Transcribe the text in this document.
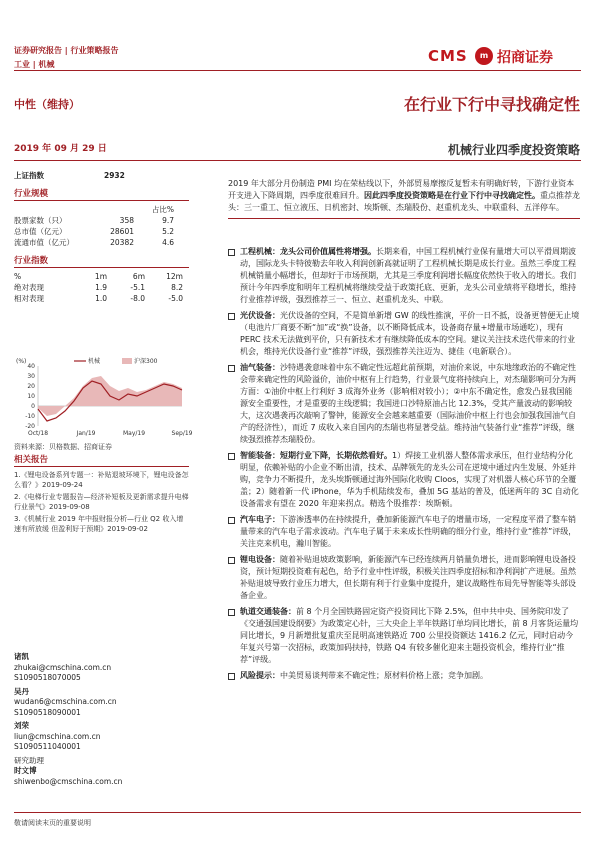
证券研究报告 | 行业策略报告
工业 | 机械	CMS	m 招商证券
中性（维持）	在行业下行中寻找确定性
2019 年 09 月 29 日	机械行业四季度投资策略
上证指数	2932
行业规模
占比%
股票家数（只）	358	9.7
总市值（亿元）	28601	5.2
流通市值（亿元）	20382	4.6
行业指数
%	1m	6m	12m
绝对表现	1.9	-5.1	8.2
相对表现	1.0	-8.0	-5.0
(%)	机械	沪深300
40
30
20
10
0
-10
-20
Oct/18	Jan/19	May/19	Sep/19
资料来源：贝格数据、招商证券
相关报告
1.《锂电设备系列专题一：补贴退坡环境下，锂电设备怎么看？》2019-09-24
2.《电梯行业专题报告—经济补短板及更新需求提升电梯行业景气》2019-09-08
3.《机械行业 2019 年中报财报分析—行业 Q2 收入增速有所放缓 但盈利好于预期》2019-09-02
诸凯
zhukai@cmschina.com.cn
S1090518070005
吴丹
wudan6@cmschina.com.cn
S1090518090001
刘荣
liun@cmschina.com.cn
S1090511040001
研究助理
时文博
shiwenbo@cmschina.com.cn
2019 年大部分月份制造 PMI 均在荣枯线以下，外部贸易摩擦反复暂未有明确好转，下游行业资本开支进入下降周期，四季度很难回升。因此四季度投资策略是在行业下行中寻找确定性。重点推荐龙头：三一重工、恒立液压、日机密封、埃斯顿、杰瑞股份、赵重机龙头、中联重科、五洋停车。
工程机械：龙头公司价值属性将增强。长期来看，中国工程机械行业保有量增大可以平滑周期波动，国际龙头卡特彼勒去年收入利润创新高就证明了工程机械长期是成长行业。虽然三季度工程机械销量小幅增长，但却好于市场预期，尤其是三季度利润增长幅度依然快于收入的增长。我们预计今年四季度和明年工程机械将继续受益于政策托底、更新，龙头公司业绩将平稳增长，维持行业推荐评级，强烈推荐三一、恒立、赵重机龙头、中联。
光伏设备：光伏设备的空间，不是简单新增 GW 的线性推演，平价一日不抵，设备更替便无止境（电池片厂商要不断“加”或“换”设备，以不断降低成本，设备商存量+增量市场通吃），现有 PERC 技术无法做到平价，只有新技术才有继续降低成本的空间。建议关注技术迭代带来的行业机会，维持光伏设备行业“推荐”评级，强烈推荐关注迈为、捷佳（电新联合）。
油气装备：沙特遇袭意味着中东不确定性远超此前预期，对油价来说，中东地缘政治的不确定性会带来确定性的风险溢价，油价中枢有上行趋势，行业景气度将持续向上，对杰瑞影响可分为两方面：①油价中枢上行利好 3 成海外业务（影响相对较小）；②中东不确定性，愈发凸显我国能源安全重要性，才是重要的主线逻辑；我国进口沙特原油占比 12.3%，受其产量波动的影响较大，这次遇袭再次敲响了警钟，能源安全会越来越重要（国际油价中枢上行也会加强我国油气自产的经济性），而近 7 成收入来自国内的杰瑞也将显著受益。维持油气装备行业“推荐”评级，继续强烈推荐杰瑞股份。
智能装备：短期行业下降，长期依然看好。1）焊接工业机器人整体需求承压，但行业结构分化明显，依赖补贴的小企业不断出清，技术、品牌领先的龙头公司在逆境中通过内生发展、外延并购，竞争力不断提升，龙头埃斯顿通过海外国际化收购 Cloos，实现了对机器人核心环节的全覆盖；2）随着新一代 iPhone，华为手机陆续发布，叠加 5G 基站的普及，低迷两年的 3C 自动化设备需求有望在 2020 年迎来拐点。精选个股推荐：埃斯顿。
汽车电子：下游渗透率仍在持续提升，叠加新能源汽车电子的增量市场，一定程度平滑了整车销量带来的汽车电子需求波动。汽车电子属于未来成长性明确的细分行业，维持行业“推荐”评级，关注克来机电，瀚川智能。
锂电设备：随着补贴退坡政策影响，新能源汽车已经连续两月销量负增长，进而影响锂电设备投资，预计短期投资难有起色，给予行业中性评级，积极关注四季度招标和净利润扩产进展。虽然补贴退坡导致行业压力增大，但长期有利于行业集中度提升，建议战略性布局先导智能等头部设备企业。
轨道交通装备：前 8 个月全国铁路固定资产投资同比下降 2.5%，但中共中央、国务院印发了《交通强国建设纲要》为政策定心针，三大央企上半年铁路订单均同比增长，前 8 月客货运量均同比增长，9 月新增批复重庆至昆明高速铁路近 700 公里投资额达 1416.2 亿元，同时启动今年复兴号第一次招标，政策加码扶持，铁路 Q4 有较多催化迎来主题投资机会，维持行业“推荐”评级。
风险提示：中美贸易谈判带来不确定性；原材料价格上涨；竞争加剧。
敬请阅读末页的重要说明
